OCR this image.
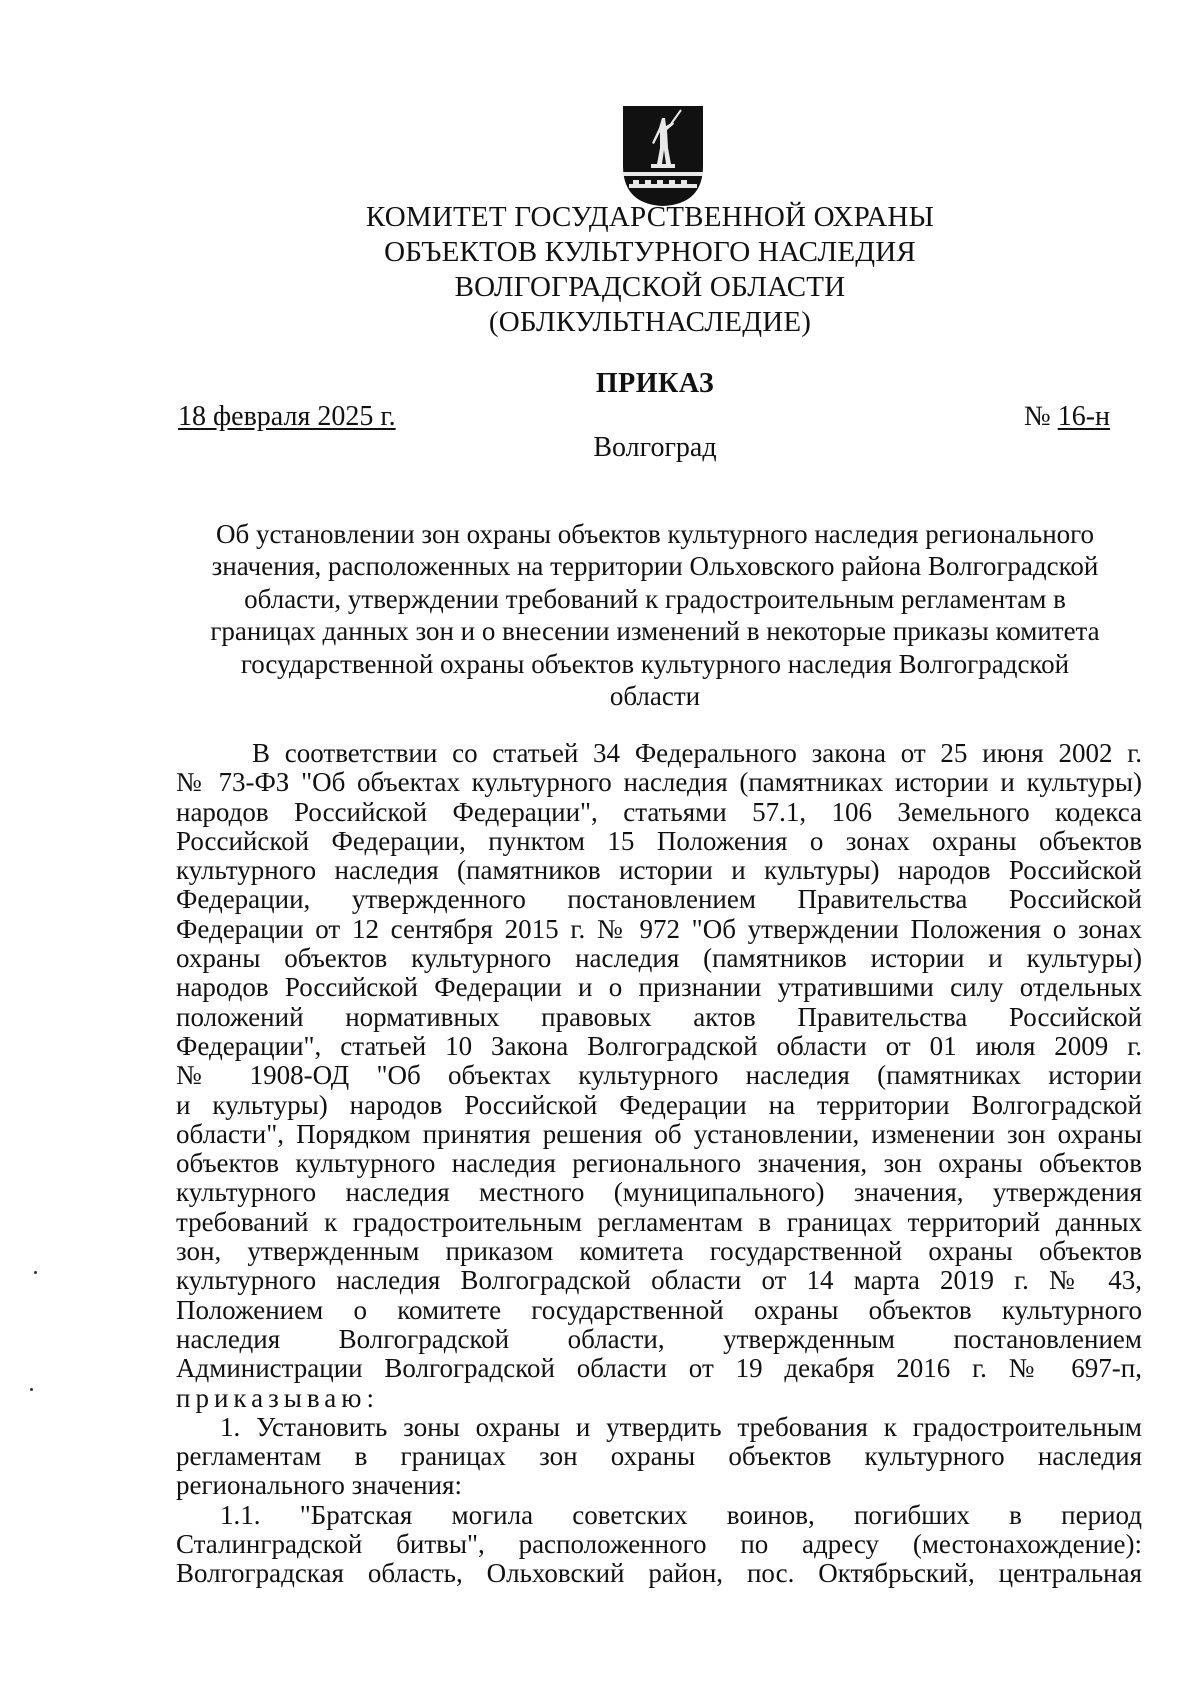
КОМИТЕТ ГОСУДАРСТВЕННОЙ ОХРАНЫ
ОБЪЕКТОВ КУЛЬТУРНОГО НАСЛЕДИЯ
ВОЛГОГРАДСКОЙ ОБЛАСТИ
(ОБЛКУЛЬТНАСЛЕДИЕ)
ПРИКАЗ
18 февраля 2025 г.	№ 16-н
Волгоград
Об установлении зон охраны объектов культурного наследия регионального
значения, расположенных на территории Ольховского района Волгоградской
области, утверждении требований к градостроительным регламентам в
границах данных зон и о внесении изменений в некоторые приказы комитета
государственной охраны объектов культурного наследия Волгоградской
области
В соответствии со статьей 34 Федерального закона от 25 июня 2002 г.
№ 73-ФЗ "Об объектах культурного наследия (памятниках истории и культуры)
народов Российской Федерации", статьями 57.1, 106 Земельного кодекса
Российской Федерации, пунктом 15 Положения о зонах охраны объектов
культурного наследия (памятников истории и культуры) народов Российской
Федерации, утвержденного постановлением Правительства Российской
Федерации от 12 сентября 2015 г. № 972 "Об утверждении Положения о зонах
охраны объектов культурного наследия (памятников истории и культуры)
народов Российской Федерации и о признании утратившими силу отдельных
положений нормативных правовых актов Правительства Российской
Федерации", статьей 10 Закона Волгоградской области от 01 июля 2009 г.
№ 1908-ОД "Об объектах культурного наследия (памятниках истории
и культуры) народов Российской Федерации на территории Волгоградской
области", Порядком принятия решения об установлении, изменении зон охраны
объектов культурного наследия регионального значения, зон охраны объектов
культурного наследия местного (муниципального) значения, утверждения
требований к градостроительным регламентам в границах территорий данных
зон, утвержденным приказом комитета государственной охраны объектов
культурного наследия Волгоградской области от 14 марта 2019 г. № 43,
Положением о комитете государственной охраны объектов культурного
наследия Волгоградской области, утвержденным постановлением
Администрации Волгоградской области от 19 декабря 2016 г. № 697-п,
приказываю:
1. Установить зоны охраны и утвердить требования к градостроительным
регламентам в границах зон охраны объектов культурного наследия
регионального значения:
1.1. "Братская могила советских воинов, погибших в период
Сталинградской битвы", расположенного по адресу (местонахождение):
Волгоградская область, Ольховский район, пос. Октябрьский, центральная
